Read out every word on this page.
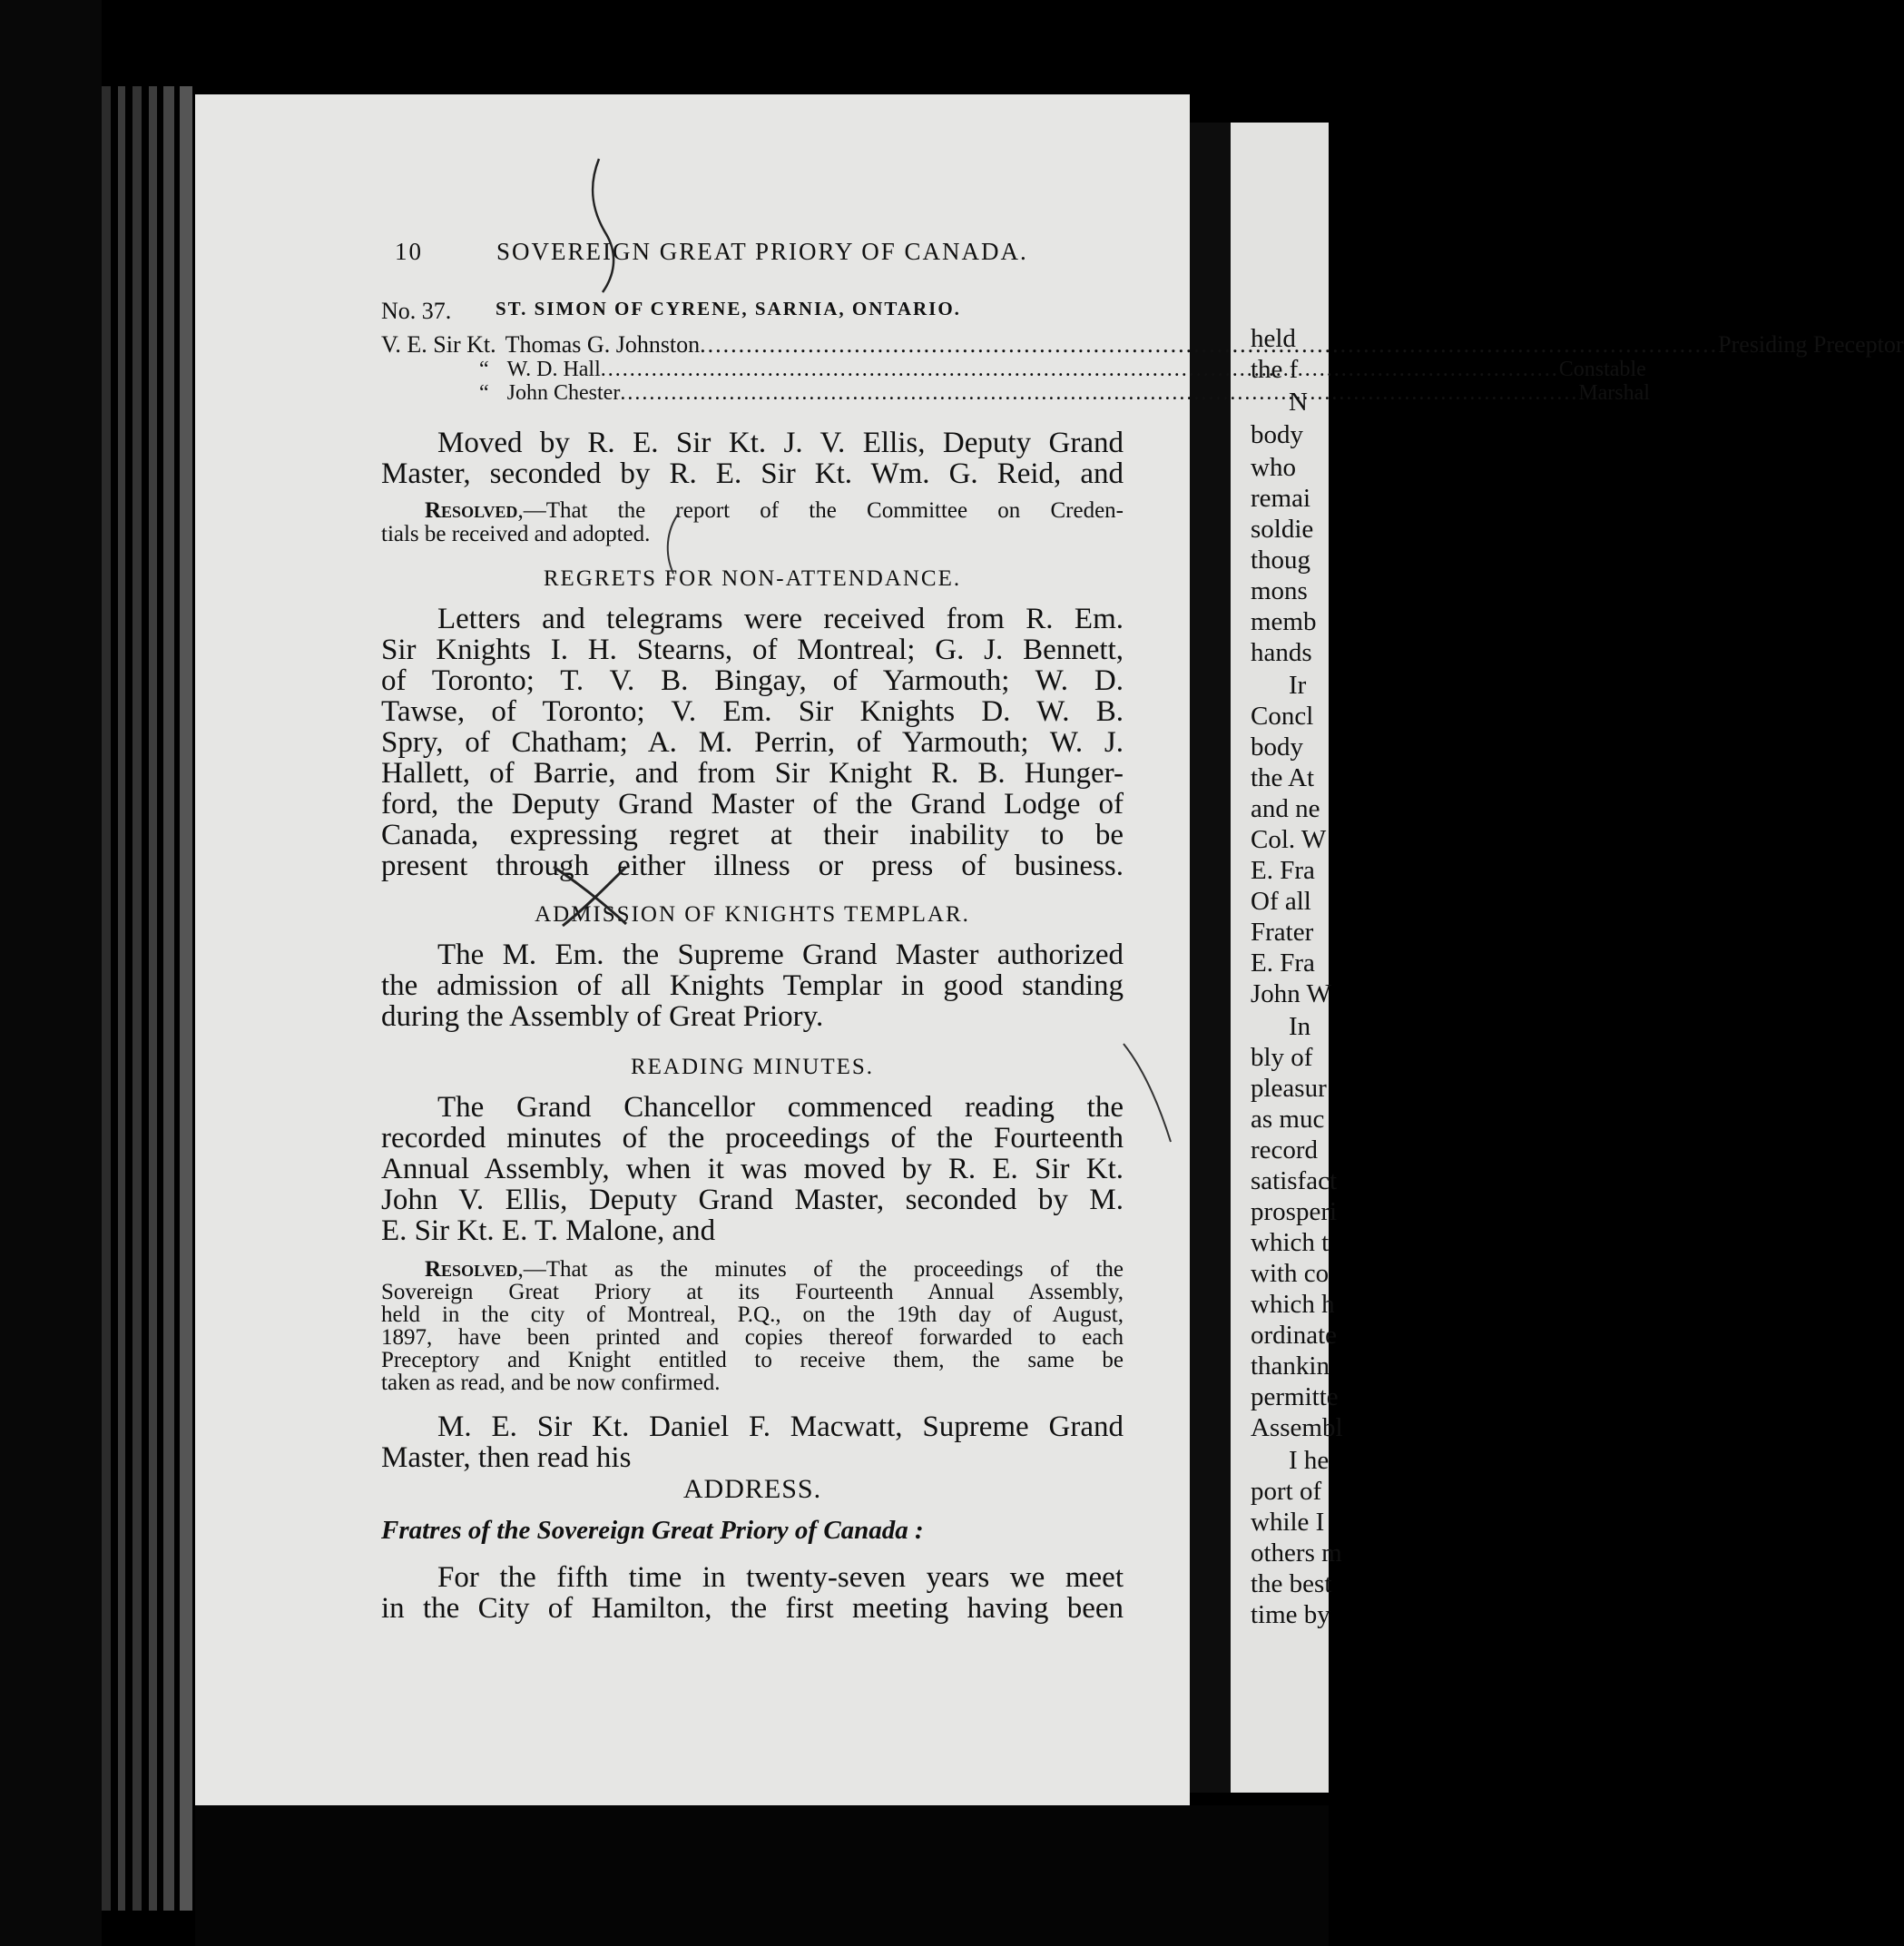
held
the f
N
body
who
remai
soldie
thoug
mons
memb
hands
Ir
Concl
body
the At
and ne
Col. W
E. Fra
Of all
Frater
E. Fra
John W
In
bly of
pleasur
as muc
record
satisfact
prosperi
which t
with co
which h
ordinate
thankin
permitte
Assembl
I he
port of
while I
others m
the best
time by
10	SOVEREIGN GREAT PRIORY OF CANADA.
No. 37. ST. SIMON OF CYRENE, SARNIA, ONTARIO.
V. E. Sir Kt. Thomas G. Johnston .....	Presiding Preceptor
“ W. D. Hall .....	Constable
“ John Chester .....	Marshal
Moved by R. E. Sir Kt. J. V. Ellis, Deputy Grand
Master, seconded by R. E. Sir Kt. Wm. G. Reid, and
Resolved,—That the report of the Committee on Creden-
tials be received and adopted.
REGRETS FOR NON-ATTENDANCE.
Letters and telegrams were received from R. Em.
Sir Knights I. H. Stearns, of Montreal; G. J. Bennett,
of Toronto; T. V. B. Bingay, of Yarmouth; W. D.
Tawse, of Toronto; V. Em. Sir Knights D. W. B.
Spry, of Chatham; A. M. Perrin, of Yarmouth; W. J.
Hallett, of Barrie, and from Sir Knight R. B. Hunger-
ford, the Deputy Grand Master of the Grand Lodge of
Canada, expressing regret at their inability to be
present through either illness or press of business.
ADMISSION OF KNIGHTS TEMPLAR.
The M. Em. the Supreme Grand Master authorized
the admission of all Knights Templar in good standing
during the Assembly of Great Priory.
READING MINUTES.
The Grand Chancellor commenced reading the
recorded minutes of the proceedings of the Fourteenth
Annual Assembly, when it was moved by R. E. Sir Kt.
John V. Ellis, Deputy Grand Master, seconded by M.
E. Sir Kt. E. T. Malone, and
Resolved,—That as the minutes of the proceedings of the
Sovereign Great Priory at its Fourteenth Annual Assembly,
held in the city of Montreal, P.Q., on the 19th day of August,
1897, have been printed and copies thereof forwarded to each
Preceptory and Knight entitled to receive them, the same be
taken as read, and be now confirmed.
M. E. Sir Kt. Daniel F. Macwatt, Supreme Grand
Master, then read his
ADDRESS.
Fratres of the Sovereign Great Priory of Canada :
For the fifth time in twenty-seven years we meet
in the City of Hamilton, the first meeting having been
